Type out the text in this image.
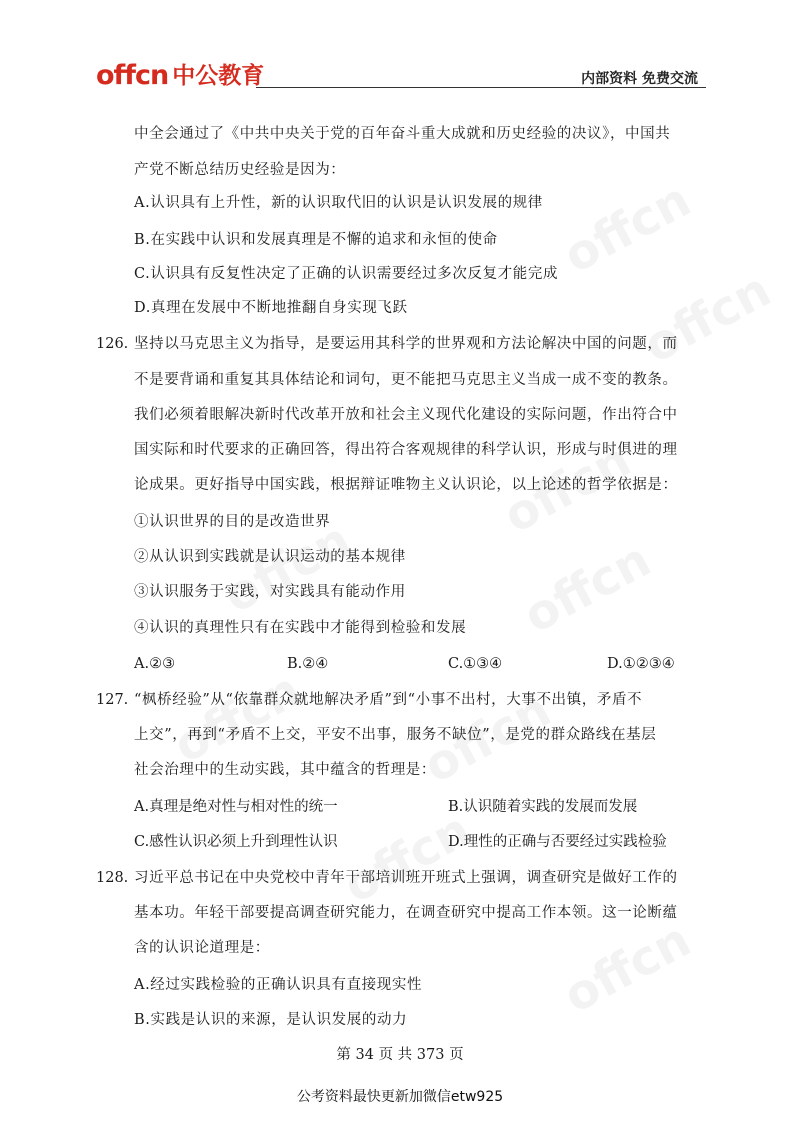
offcn 中公教育	内部资料 免费交流
中全会通过了《中共中央关于党的百年奋斗重大成就和历史经验的决议》，中国共
产党不断总结历史经验是因为：
A.认识具有上升性，新的认识取代旧的认识是认识发展的规律
B.在实践中认识和发展真理是不懈的追求和永恒的使命
C.认识具有反复性决定了正确的认识需要经过多次反复才能完成
D.真理在发展中不断地推翻自身实现飞跃
126. 坚持以马克思主义为指导，是要运用其科学的世界观和方法论解决中国的问题，而
不是要背诵和重复其具体结论和词句，更不能把马克思主义当成一成不变的教条。
我们必须着眼解决新时代改革开放和社会主义现代化建设的实际问题，作出符合中
国实际和时代要求的正确回答，得出符合客观规律的科学认识，形成与时俱进的理
论成果。更好指导中国实践，根据辩证唯物主义认识论，以上论述的哲学依据是：
①认识世界的目的是改造世界
②从认识到实践就是认识运动的基本规律
③认识服务于实践，对实践具有能动作用
④认识的真理性只有在实践中才能得到检验和发展
A.②③	B.②④	C.①③④	D.①②③④
127. “枫桥经验”从“依靠群众就地解决矛盾”到“小事不出村，大事不出镇，矛盾不
上交”，再到“矛盾不上交，平安不出事，服务不缺位”，是党的群众路线在基层
社会治理中的生动实践，其中蕴含的哲理是：
A.真理是绝对性与相对性的统一	B.认识随着实践的发展而发展
C.感性认识必须上升到理性认识	D.理性的正确与否要经过实践检验
128. 习近平总书记在中央党校中青年干部培训班开班式上强调，调查研究是做好工作的
基本功。年轻干部要提高调查研究能力，在调查研究中提高工作本领。这一论断蕴
含的认识论道理是：
A.经过实践检验的正确认识具有直接现实性
B.实践是认识的来源，是认识发展的动力
第 34 页 共 373 页
公考资料最快更新加微信etw925
